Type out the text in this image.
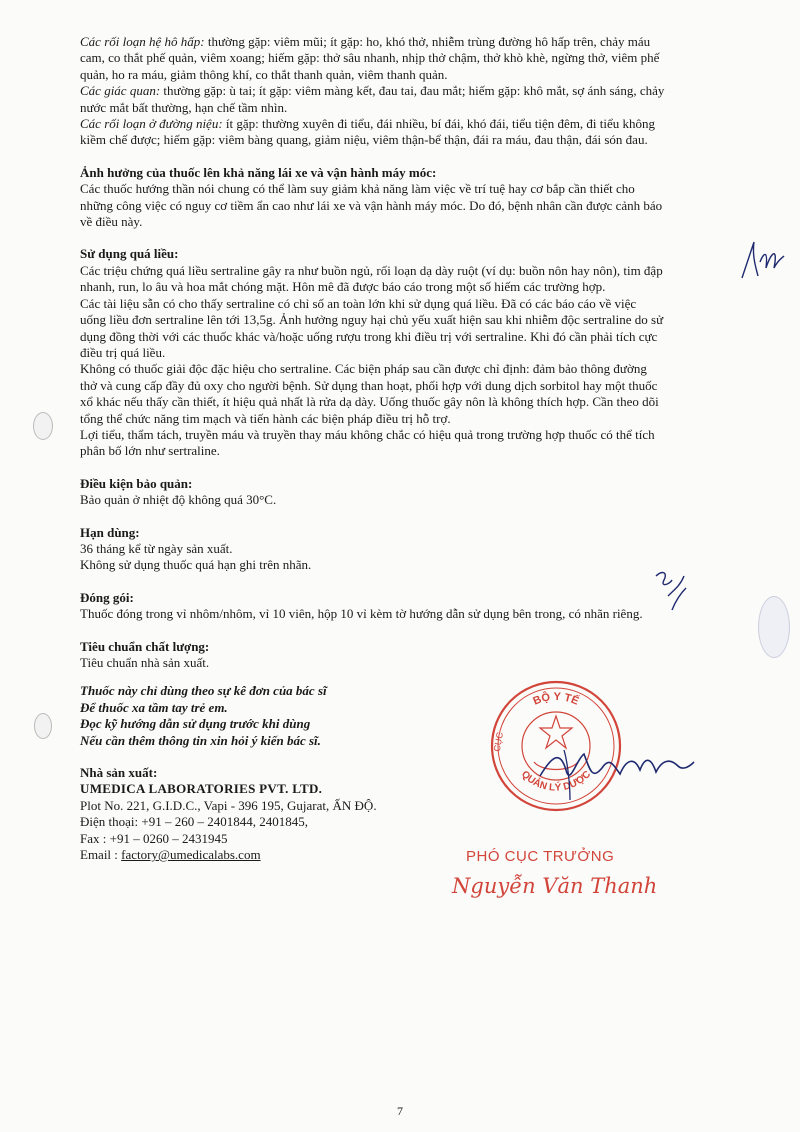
Các rối loạn hệ hô hấp: thường gặp: viêm mũi; ít gặp: ho, khó thở, nhiễm trùng đường hô hấp trên, chảy máu

cam, co thắt phế quản, viêm xoang; hiếm gặp: thở sâu nhanh, nhịp thở chậm, thở khò khè, ngừng thở, viêm phế

quản, ho ra máu, giảm thông khí, co thắt thanh quản, viêm thanh quản.

Các giác quan: thường gặp: ù tai; ít gặp: viêm màng kết, đau tai, đau mắt; hiếm gặp: khô mắt, sợ ánh sáng, chảy

nước mắt bất thường, hạn chế tầm nhìn.

Các rối loạn ở đường niệu: ít gặp: thường xuyên đi tiểu, đái nhiều, bí đái, khó đái, tiểu tiện đêm, đi tiểu không

kiềm chế được; hiếm gặp: viêm bàng quang, giảm niệu, viêm thận-bể thận, đái ra máu, đau thận, đái són đau.

Ảnh hưởng của thuốc lên khả năng lái xe và vận hành máy móc:

Các thuốc hướng thần nói chung có thể làm suy giảm khả năng làm việc về trí tuệ hay cơ bắp cần thiết cho

những công việc có nguy cơ tiềm ẩn cao như lái xe và vận hành máy móc. Do đó, bệnh nhân cần được cảnh báo

về điều này.

Sử dụng quá liều:

Các triệu chứng quá liều sertraline gây ra như buồn ngủ, rối loạn dạ dày ruột (ví dụ: buồn nôn hay nôn), tim đập

nhanh, run, lo âu và hoa mắt chóng mặt. Hôn mê đã được báo cáo trong một số hiếm các trường hợp.

Các tài liệu sẵn có cho thấy sertraline có chỉ số an toàn lớn khi sử dụng quá liều. Đã có các báo cáo về việc

uống liều đơn sertraline lên tới 13,5g. Ảnh hưởng nguy hại chủ yếu xuất hiện sau khi nhiễm độc sertraline do sử

dụng đồng thời với các thuốc khác và/hoặc uống rượu trong khi điều trị với sertraline. Khi đó cần phải tích cực

điều trị quá liều.

Không có thuốc giải độc đặc hiệu cho sertraline. Các biện pháp sau cần được chỉ định: đảm bảo thông đường

thở và cung cấp đầy đủ oxy cho người bệnh. Sử dụng than hoạt, phối hợp với dung dịch sorbitol hay một thuốc

xổ khác nếu thấy cần thiết, ít hiệu quả nhất là rửa dạ dày. Uống thuốc gây nôn là không thích hợp. Cần theo dõi

tổng thể chức năng tim mạch và tiến hành các biện pháp điều trị hỗ trợ.

Lợi tiểu, thẩm tách, truyền máu và truyền thay máu không chắc có hiệu quả trong trường hợp thuốc có thể tích

phân bố lớn như sertraline.

Điều kiện bảo quản:

Bảo quản ở nhiệt độ không quá 30°C.

Hạn dùng:

36 tháng kể từ ngày sản xuất.

Không sử dụng thuốc quá hạn ghi trên nhãn.

Đóng gói:

Thuốc đóng trong vỉ nhôm/nhôm, vỉ 10 viên, hộp 10 vỉ kèm tờ hướng dẫn sử dụng bên trong, có nhãn riêng.

Tiêu chuẩn chất lượng:

Tiêu chuẩn nhà sản xuất.

Thuốc này chỉ dùng theo sự kê đơn của bác sĩ

Để thuốc xa tầm tay trẻ em.

Đọc kỹ hướng dẫn sử dụng trước khi dùng

Nếu cần thêm thông tin xin hỏi ý kiến bác sĩ.

Nhà sản xuất:

UMEDICA LABORATORIES PVT. LTD.

Plot No. 221, G.I.D.C., Vapi - 396 195, Gujarat, ẤN ĐỘ.

Điện thoại: +91 – 260 – 2401844, 2401845,

Fax : +91 – 0260 – 2431945

Email : factory@umedicalabs.com

BỘ Y TẾ
QUẢN LÝ DƯỢC
CỤC
PHÓ CỤC TRƯỞNG
Nguyễn Văn Thanh
7
